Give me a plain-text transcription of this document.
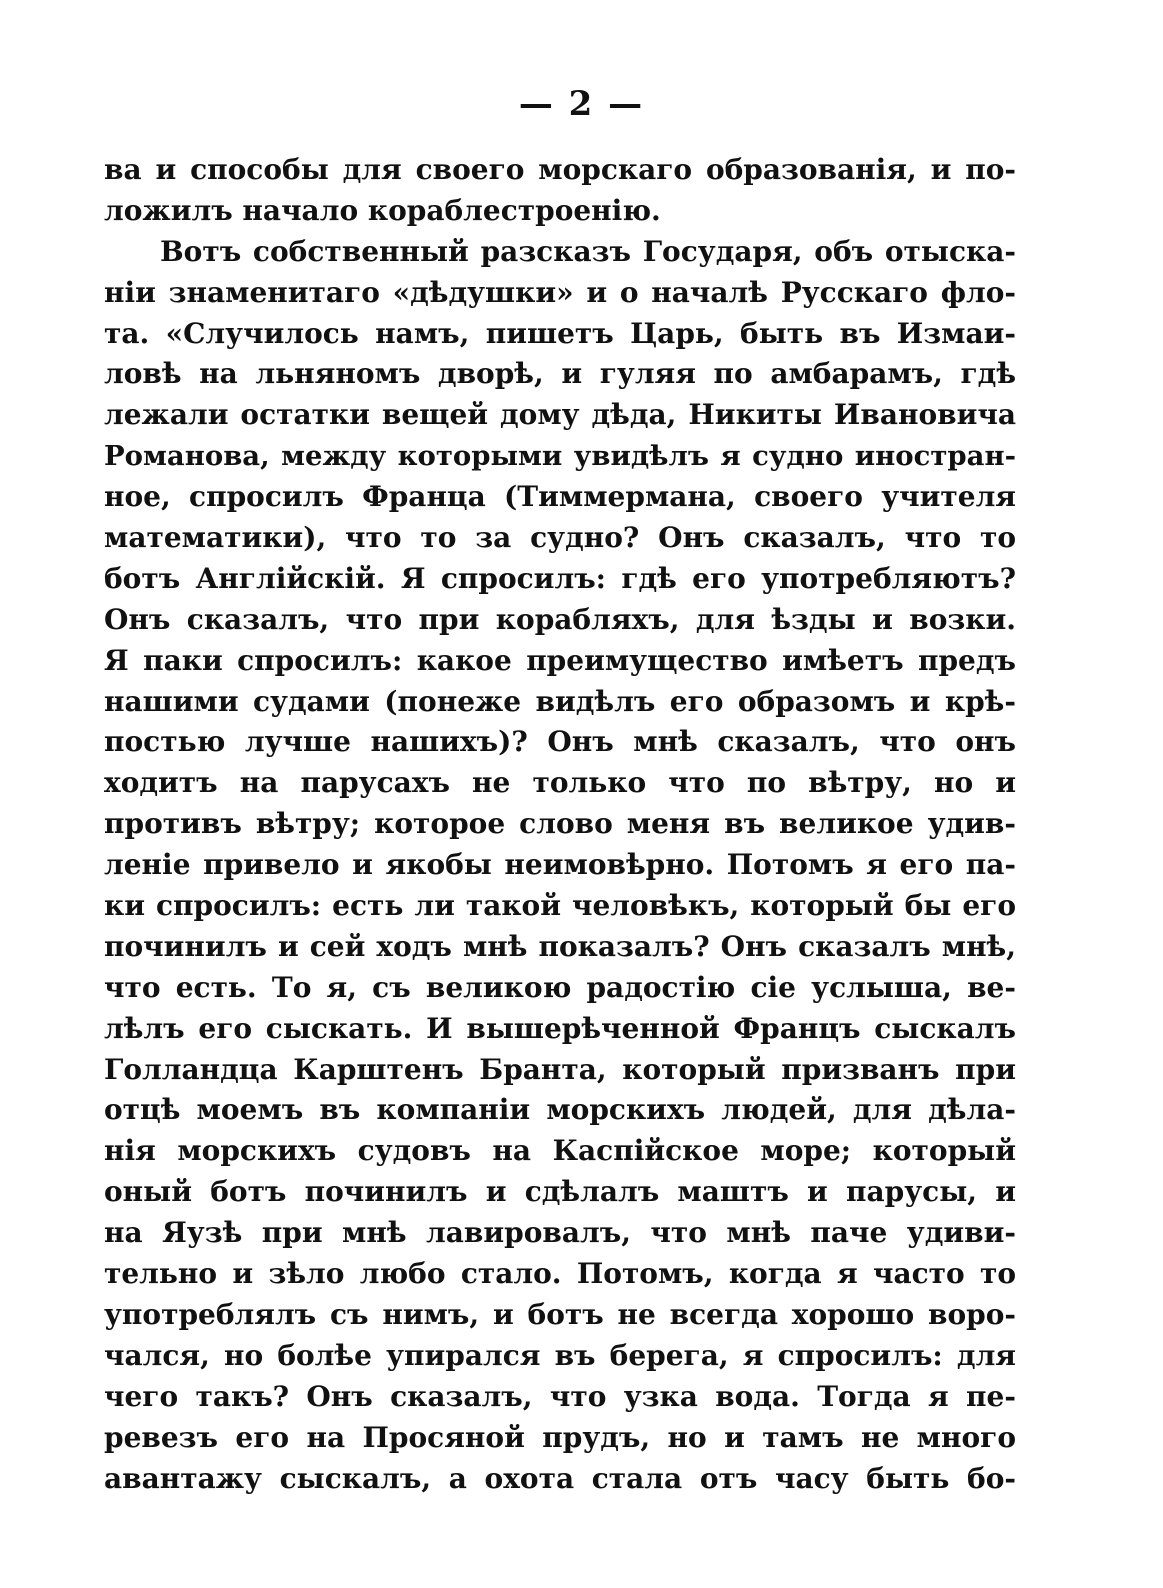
— 2 —
ва и способы для своего морскаго образованія, и по-
ложилъ начало кораблестроенію.
Вотъ собственный разсказъ Государя, объ отыска-
ніи знаменитаго «дѣдушки» и о началѣ Русскаго фло-
та. «Случилось намъ, пишетъ Царь, быть въ Измаи-
ловѣ на льняномъ дворѣ, и гуляя по амбарамъ, гдѣ
лежали остатки вещей дому дѣда, Никиты Ивановича
Романова, между которыми увидѣлъ я судно иностран-
ное, спросилъ Франца (Тиммермана, своего учителя
математики), что то за судно? Онъ сказалъ, что то
ботъ Англійскій. Я спросилъ: гдѣ его употребляютъ?
Онъ сказалъ, что при корабляхъ, для ѣзды и возки.
Я паки спросилъ: какое преимущество имѣетъ предъ
нашими судами (понеже видѣлъ его образомъ и крѣ-
постью лучше нашихъ)? Онъ мнѣ сказалъ, что онъ
ходитъ на парусахъ не только что по вѣтру, но и
противъ вѣтру; которое слово меня въ великое удив-
леніе привело и якобы неимовѣрно. Потомъ я его па-
ки спросилъ: есть ли такой человѣкъ, который бы его
починилъ и сей ходъ мнѣ показалъ? Онъ сказалъ мнѣ,
что есть. То я, съ великою радостію сіе услыша, ве-
лѣлъ его сыскать. И вышерѣченной Францъ сыскалъ
Голландца Карштенъ Бранта, который призванъ при
отцѣ моемъ въ компаніи морскихъ людей, для дѣла-
нія морскихъ судовъ на Каспійское море; который
оный ботъ починилъ и сдѣлалъ маштъ и парусы, и
на Яузѣ при мнѣ лавировалъ, что мнѣ паче удиви-
тельно и зѣло любо стало. Потомъ, когда я часто то
употреблялъ съ нимъ, и ботъ не всегда хорошо воро-
чался, но болѣе упирался въ берега, я спросилъ: для
чего такъ? Онъ сказалъ, что узка вода. Тогда я пе-
ревезъ его на Просяной прудъ, но и тамъ не много
авантажу сыскалъ, а охота стала отъ часу быть бо-
